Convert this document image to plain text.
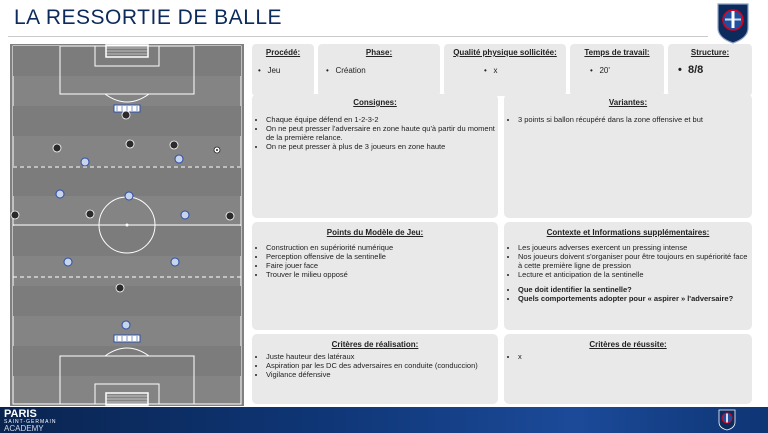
LA RESSORTIE DE BALLE
Procédé:
•   Jeu
Phase:
•   Création
Qualité physique sollicitée:
•   x
Temps de travail:
•   20'
Structure:
•  8/8
Consignes:
• Chaque équipe défend en 1-2-3-2
• On ne peut presser l'adversaire en zone haute qu'à partir du moment de la première relance.
• On ne peut presser à plus de 3 joueurs en zone haute
Variantes:
• 3 points si ballon récupéré dans la zone offensive et but
Points du Modèle de Jeu:
• Construction en supériorité numérique
• Perception offensive de la sentinelle
• Faire jouer face
• Trouver le milieu opposé
Contexte et Informations supplémentaires:
• Les joueurs adverses exercent un pressing intense
• Nos joueurs doivent s'organiser pour être toujours en supériorité face à cette première ligne de pression
• Lecture et anticipation de la sentinelle
• Que doit identifier la sentinelle?
• Quels comportements adopter pour « aspirer » l'adversaire?
Critères de réalisation:
• Juste hauteur des latéraux
• Aspiration par les DC des adversaires en conduite (conduccion)
• Vigilance défensive
Critères de réussite:
• x
PARIS
SAINT-GERMAIN
ACADEMY
